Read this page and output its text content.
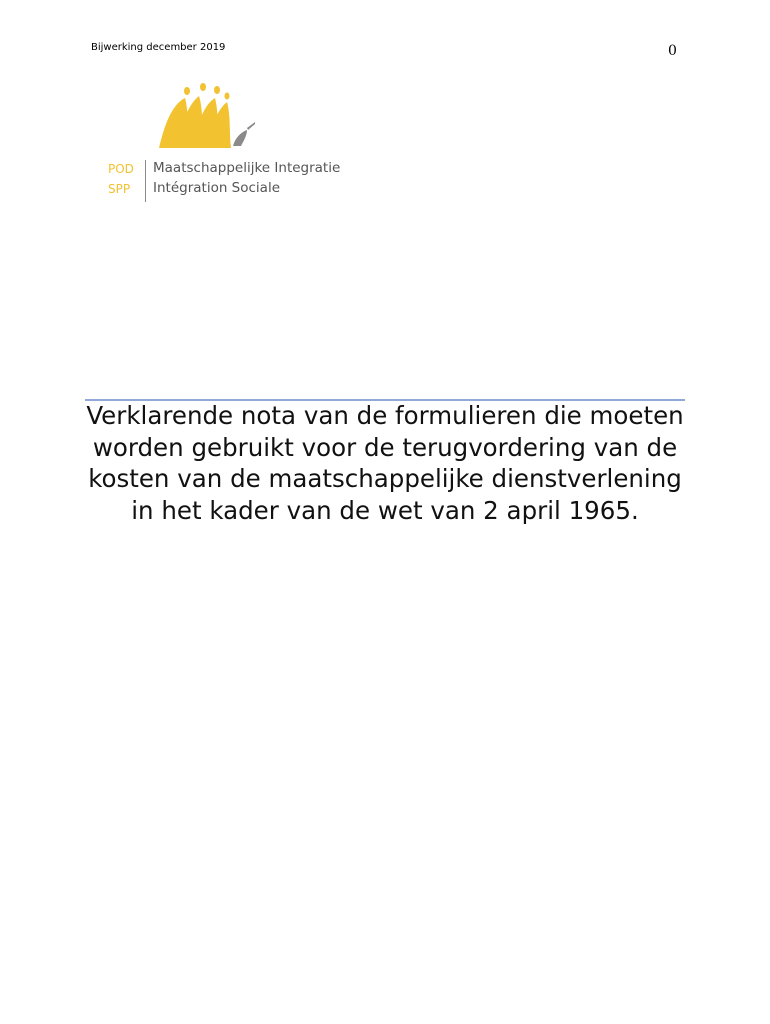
Bijwerking december 2019	0
POD
SPP
Maatschappelijke Integratie
Intégration Sociale
Verklarende nota van de formulieren die moeten worden gebruikt voor de terugvordering van de kosten van de maatschappelijke dienstverlening in het kader van de wet van 2 april 1965.
